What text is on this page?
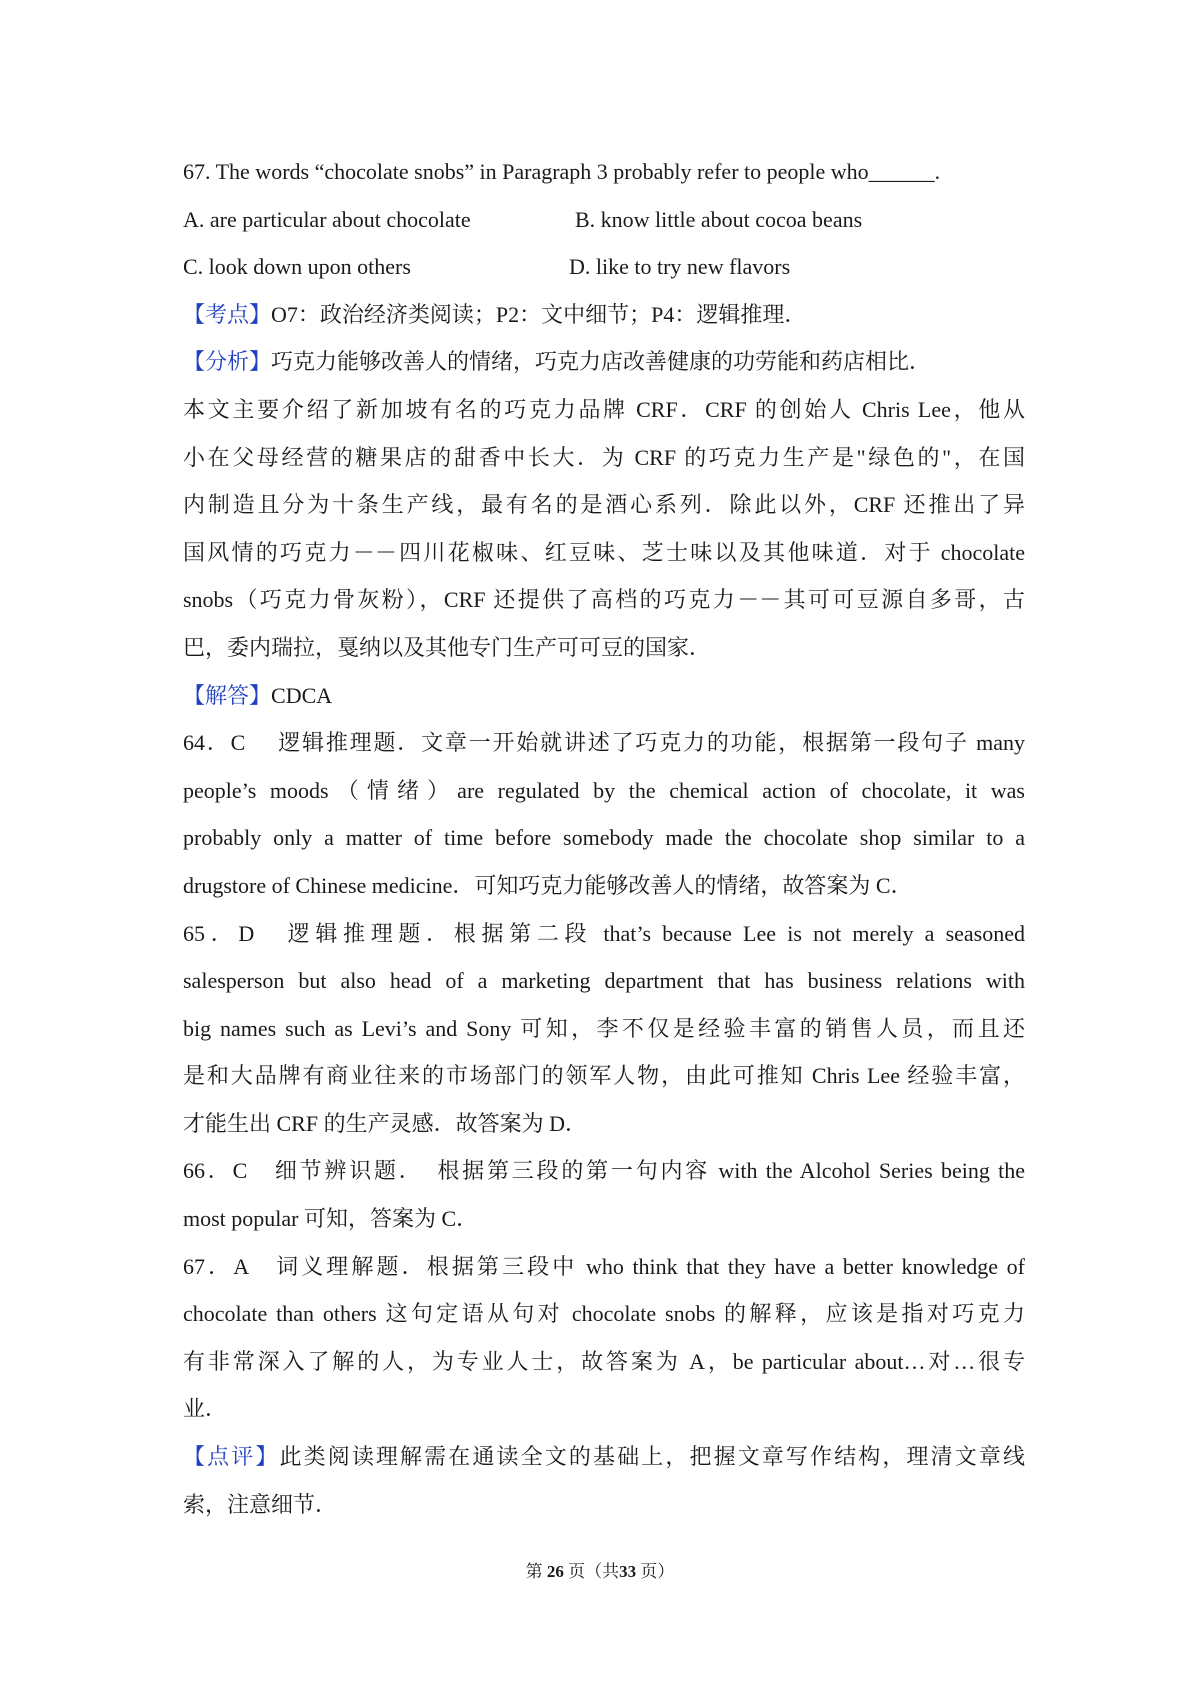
67. The words “chocolate snobs” in Paragraph 3 probably refer to people who______.
A. are particular about chocolate	B. know little about cocoa beans
C. look down upon others	D. like to try new flavors
【考点】O7：政治经济类阅读；P2：文中细节；P4：逻辑推理．
【分析】巧克力能够改善人的情绪，巧克力店改善健康的功劳能和药店相比．
本文主要介绍了新加坡有名的巧克力品牌 CRF．CRF 的创始人 Chris Lee，他从
小在父母经营的糖果店的甜香中长大．为 CRF 的巧克力生产是"绿色的"，在国
内制造且分为十条生产线，最有名的是酒心系列．除此以外，CRF 还推出了异
国风情的巧克力－－四川花椒味、红豆味、芝士味以及其他味道．对于 chocolate
snobs（巧克力骨灰粉），CRF 还提供了高档的巧克力－－其可可豆源自多哥，古
巴，委内瑞拉，戛纳以及其他专门生产可可豆的国家．
【解答】CDCA
64．C　 逻辑推理题．文章一开始就讲述了巧克力的功能，根据第一段句子 many
people’s moods（情绪）are regulated by the chemical action of chocolate, it was
probably only a matter of time before somebody made the chocolate shop similar to a
drugstore of Chinese medicine．可知巧克力能够改善人的情绪，故答案为 C．
65．D　逻辑推理题．根据第二段 that’s because Lee is not merely a seasoned
salesperson but also head of a marketing department that has business relations with
big names such as Levi’s and Sony 可知，李不仅是经验丰富的销售人员，而且还
是和大品牌有商业往来的市场部门的领军人物，由此可推知 Chris Lee 经验丰富，
才能生出 CRF 的生产灵感．故答案为 D．
66．C　细节辨识题．　根据第三段的第一句内容 with the Alcohol Series being the
most popular 可知，答案为 C．
67．A　词义理解题．根据第三段中 who think that they have a better knowledge of
chocolate than others 这句定语从句对 chocolate snobs 的解释，应该是指对巧克力
有非常深入了解的人，为专业人士，故答案为 A，be particular about…对…很专
业．
【点评】此类阅读理解需在通读全文的基础上，把握文章写作结构，理清文章线
索，注意细节．
第 26 页（共33 页）
